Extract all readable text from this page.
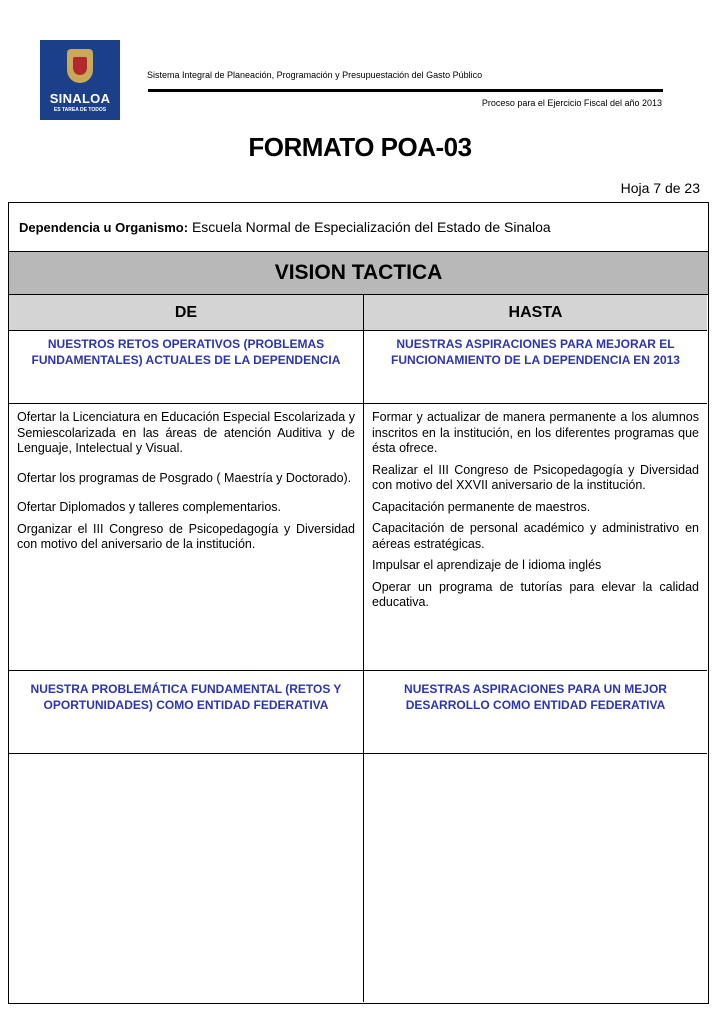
SINALOA
ES TAREA DE TODOS
Sistema Integral de Planeación, Programación y Presupuestación del Gasto Público
Proceso para el Ejercicio Fiscal del año 2013
FORMATO POA-03
Hoja 7 de 23
Dependencia u Organismo: Escuela Normal de Especialización del Estado de Sinaloa
VISION TACTICA
DE	HASTA
NUESTROS RETOS OPERATIVOS (PROBLEMAS FUNDAMENTALES) ACTUALES DE LA DEPENDENCIA
NUESTRAS ASPIRACIONES PARA MEJORAR EL FUNCIONAMIENTO DE LA DEPENDENCIA EN 2013

Ofertar la Licenciatura en Educación Especial Escolarizada y Semiescolarizada en las áreas de atención Auditiva y de Lenguaje, Intelectual y Visual.

Ofertar los programas de Posgrado ( Maestría y Doctorado).

Ofertar Diplomados y talleres complementarios.

Organizar el III Congreso de Psicopedagogía y Diversidad con motivo del aniversario de la institución.

Formar y actualizar de manera permanente a los alumnos inscritos en la institución, en los diferentes programas que ésta ofrece.

Realizar el III Congreso de Psicopedagogía y Diversidad con motivo del XXVII aniversario de la institución.

Capacitación permanente de maestros.

Capacitación de personal académico y administrativo en aéreas estratégicas.

Impulsar el aprendizaje de l idioma inglés

Operar un programa de tutorías para elevar la calidad educativa.

NUESTRA PROBLEMÁTICA FUNDAMENTAL (RETOS Y OPORTUNIDADES) COMO ENTIDAD FEDERATIVA
NUESTRAS ASPIRACIONES PARA UN MEJOR DESARROLLO COMO ENTIDAD FEDERATIVA
